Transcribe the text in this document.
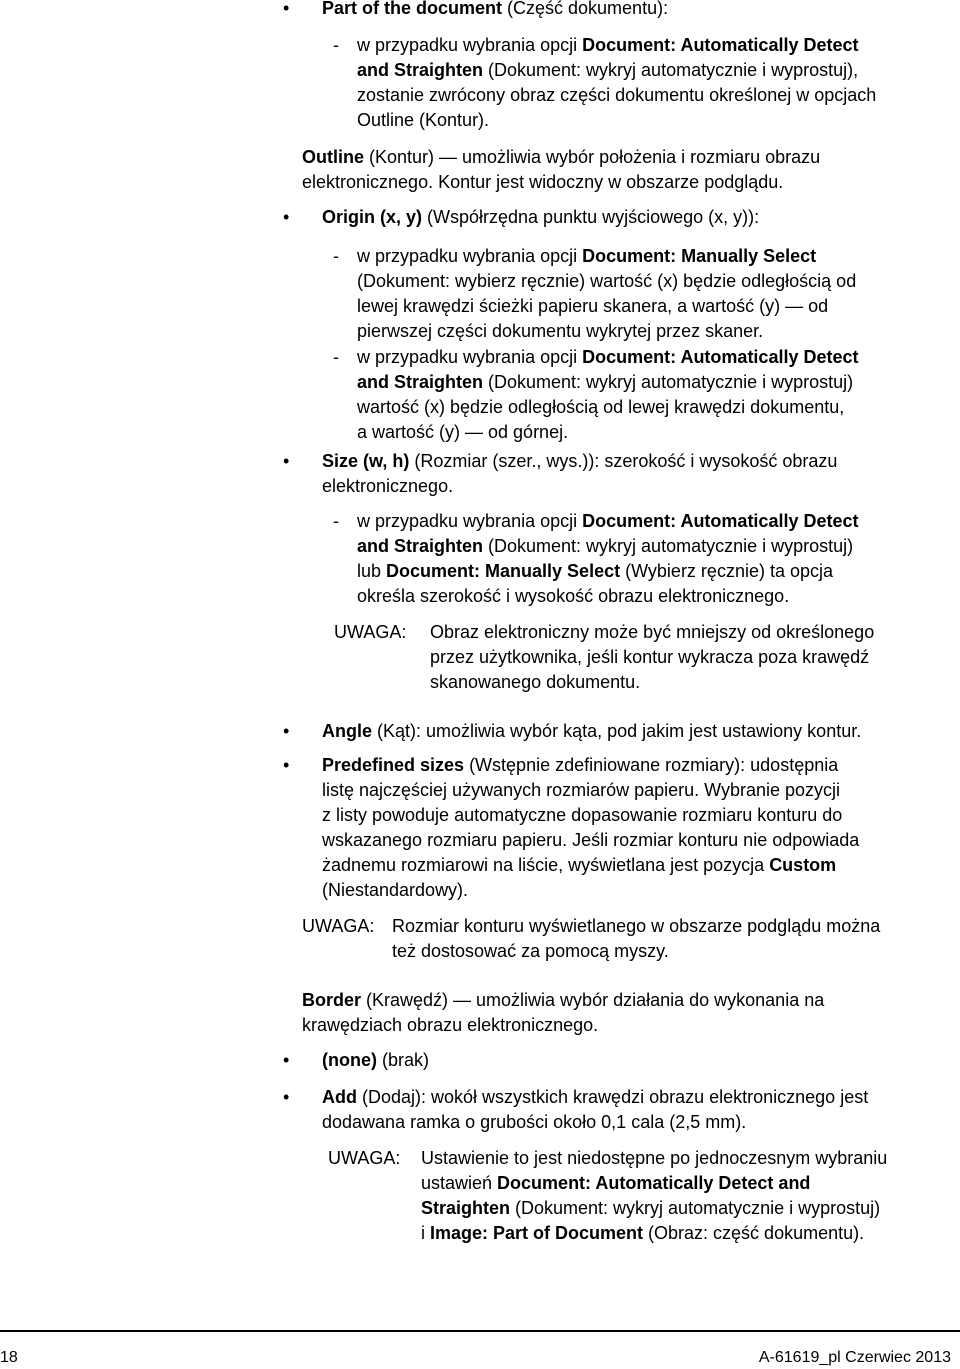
• Part of the document (Część dokumentu):
- w przypadku wybrania opcji Document: Automatically Detect
and Straighten (Dokument: wykryj automatycznie i wyprostuj),
zostanie zwrócony obraz części dokumentu określonej w opcjach
Outline (Kontur).
Outline (Kontur) — umożliwia wybór położenia i rozmiaru obrazu
elektronicznego. Kontur jest widoczny w obszarze podglądu.
• Origin (x, y) (Współrzędna punktu wyjściowego (x, y)):
- w przypadku wybrania opcji Document: Manually Select
(Dokument: wybierz ręcznie) wartość (x) będzie odległością od
lewej krawędzi ścieżki papieru skanera, a wartość (y) — od
pierwszej części dokumentu wykrytej przez skaner.
- w przypadku wybrania opcji Document: Automatically Detect
and Straighten (Dokument: wykryj automatycznie i wyprostuj)
wartość (x) będzie odległością od lewej krawędzi dokumentu,
a wartość (y) — od górnej.
• Size (w, h) (Rozmiar (szer., wys.)): szerokość i wysokość obrazu
elektronicznego.
- w przypadku wybrania opcji Document: Automatically Detect
and Straighten (Dokument: wykryj automatycznie i wyprostuj)
lub Document: Manually Select (Wybierz ręcznie) ta opcja
określa szerokość i wysokość obrazu elektronicznego.
UWAGA: Obraz elektroniczny może być mniejszy od określonego
przez użytkownika, jeśli kontur wykracza poza krawędź
skanowanego dokumentu.
• Angle (Kąt): umożliwia wybór kąta, pod jakim jest ustawiony kontur.
• Predefined sizes (Wstępnie zdefiniowane rozmiary): udostępnia
listę najczęściej używanych rozmiarów papieru. Wybranie pozycji
z listy powoduje automatyczne dopasowanie rozmiaru konturu do
wskazanego rozmiaru papieru. Jeśli rozmiar konturu nie odpowiada
żadnemu rozmiarowi na liście, wyświetlana jest pozycja Custom
(Niestandardowy).
UWAGA: Rozmiar konturu wyświetlanego w obszarze podglądu można
też dostosować za pomocą myszy.
Border (Krawędź) — umożliwia wybór działania do wykonania na
krawędziach obrazu elektronicznego.
• (none) (brak)
• Add (Dodaj): wokół wszystkich krawędzi obrazu elektronicznego jest
dodawana ramka o grubości około 0,1 cala (2,5 mm).
UWAGA: Ustawienie to jest niedostępne po jednoczesnym wybraniu
ustawień Document: Automatically Detect and
Straighten (Dokument: wykryj automatycznie i wyprostuj)
i Image: Part of Document (Obraz: część dokumentu).
18	A-61619_pl Czerwiec 2013
